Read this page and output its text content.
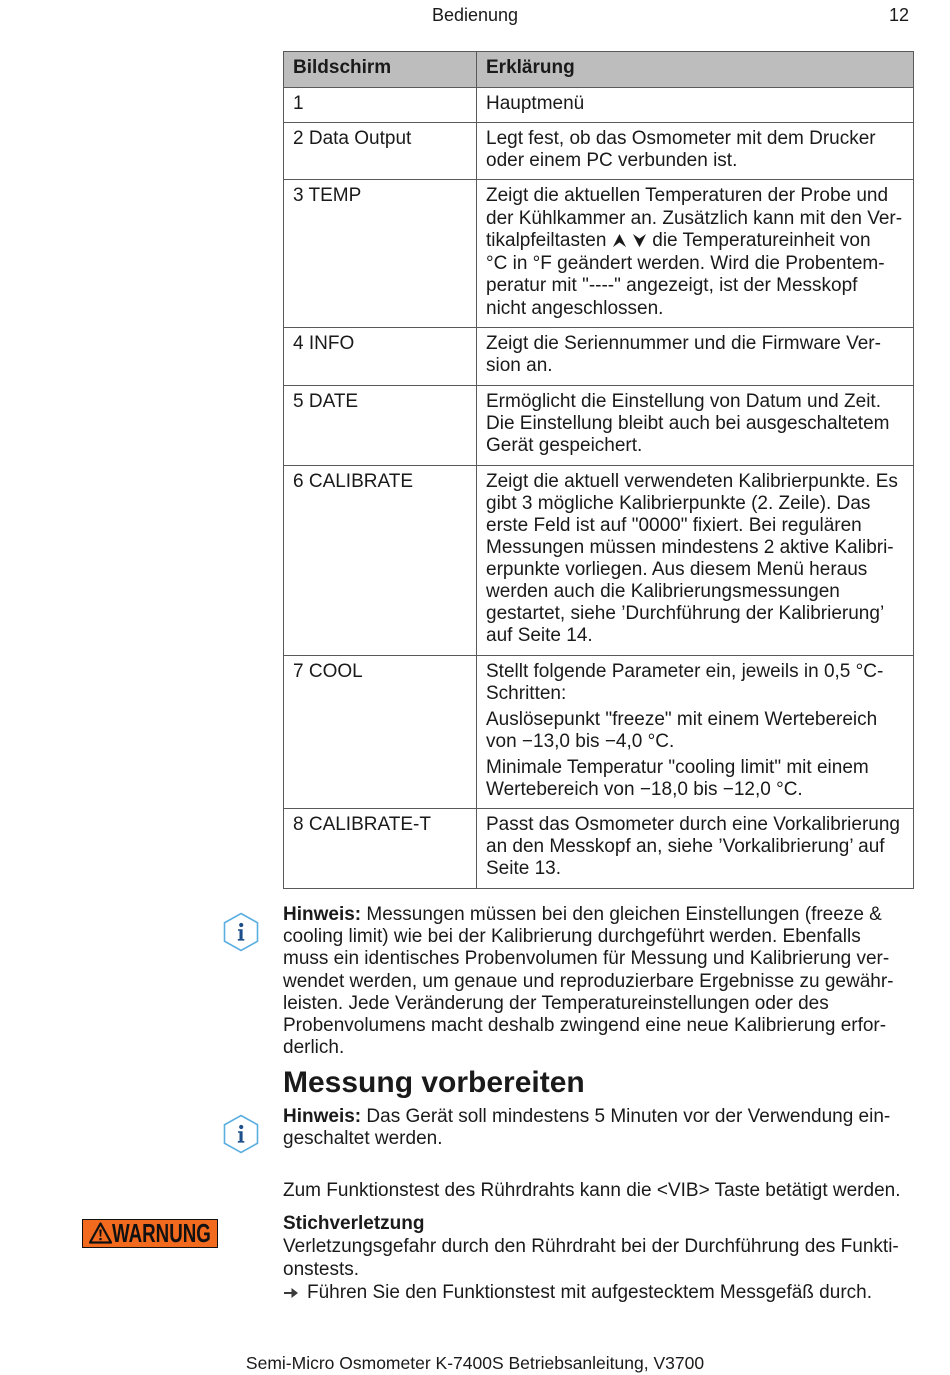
Bedienung	12
Bildschirm	Erklärung
1	Hauptmenü
2 Data Output	Legt fest, ob das Osmometer mit dem Drucker
oder einem PC verbunden ist.
3 TEMP	Zeigt die aktuellen Temperaturen der Probe und
der Kühlkammer an. Zusätzlich kann mit den Ver-
tikalpfeiltasten die Temperatureinheit von
°C in °F geändert werden. Wird die Probentem-
peratur mit "----" angezeigt, ist der Messkopf
nicht angeschlossen.
4 INFO	Zeigt die Seriennummer und die Firmware Ver-
sion an.
5 DATE	Ermöglicht die Einstellung von Datum und Zeit.
Die Einstellung bleibt auch bei ausgeschaltetem
Gerät gespeichert.
6 CALIBRATE	Zeigt die aktuell verwendeten Kalibrierpunkte. Es
gibt 3 mögliche Kalibrierpunkte (2. Zeile). Das
erste Feld ist auf "0000" fixiert. Bei regulären
Messungen müssen mindestens 2 aktive Kalibri-
erpunkte vorliegen. Aus diesem Menü heraus
werden auch die Kalibrierungsmessungen
gestartet, siehe ’Durchführung der Kalibrierung’
auf Seite 14.
7 COOL	Stellt folgende Parameter ein, jeweils in 0,5 °C-
Schritten:
Auslösepunkt "freeze" mit einem Wertebereich
von −13,0 bis −4,0 °C.
Minimale Temperatur "cooling limit" mit einem
Wertebereich von −18,0 bis −12,0 °C.
8 CALIBRATE-T	Passt das Osmometer durch eine Vorkalibrierung
an den Messkopf an, siehe ’Vorkalibrierung’ auf
Seite 13.
Hinweis: Messungen müssen bei den gleichen Einstellungen (freeze &
cooling limit) wie bei der Kalibrierung durchgeführt werden. Ebenfalls
muss ein identisches Probenvolumen für Messung und Kalibrierung ver-
wendet werden, um genaue und reproduzierbare Ergebnisse zu gewähr-
leisten. Jede Veränderung der Temperatureinstellungen oder des
Probenvolumens macht deshalb zwingend eine neue Kalibrierung erfor-
derlich.
Messung vorbereiten
Hinweis: Das Gerät soll mindestens 5 Minuten vor der Verwendung ein-
geschaltet werden.
Zum Funktionstest des Rührdrahts kann die <VIB> Taste betätigt werden.
WARNUNG	Stichverletzung
Verletzungsgefahr durch den Rührdraht bei der Durchführung des Funkti-
onstests.
Führen Sie den Funktionstest mit aufgestecktem Messgefäß durch.
Semi-Micro Osmometer K-7400S Betriebsanleitung, V3700
